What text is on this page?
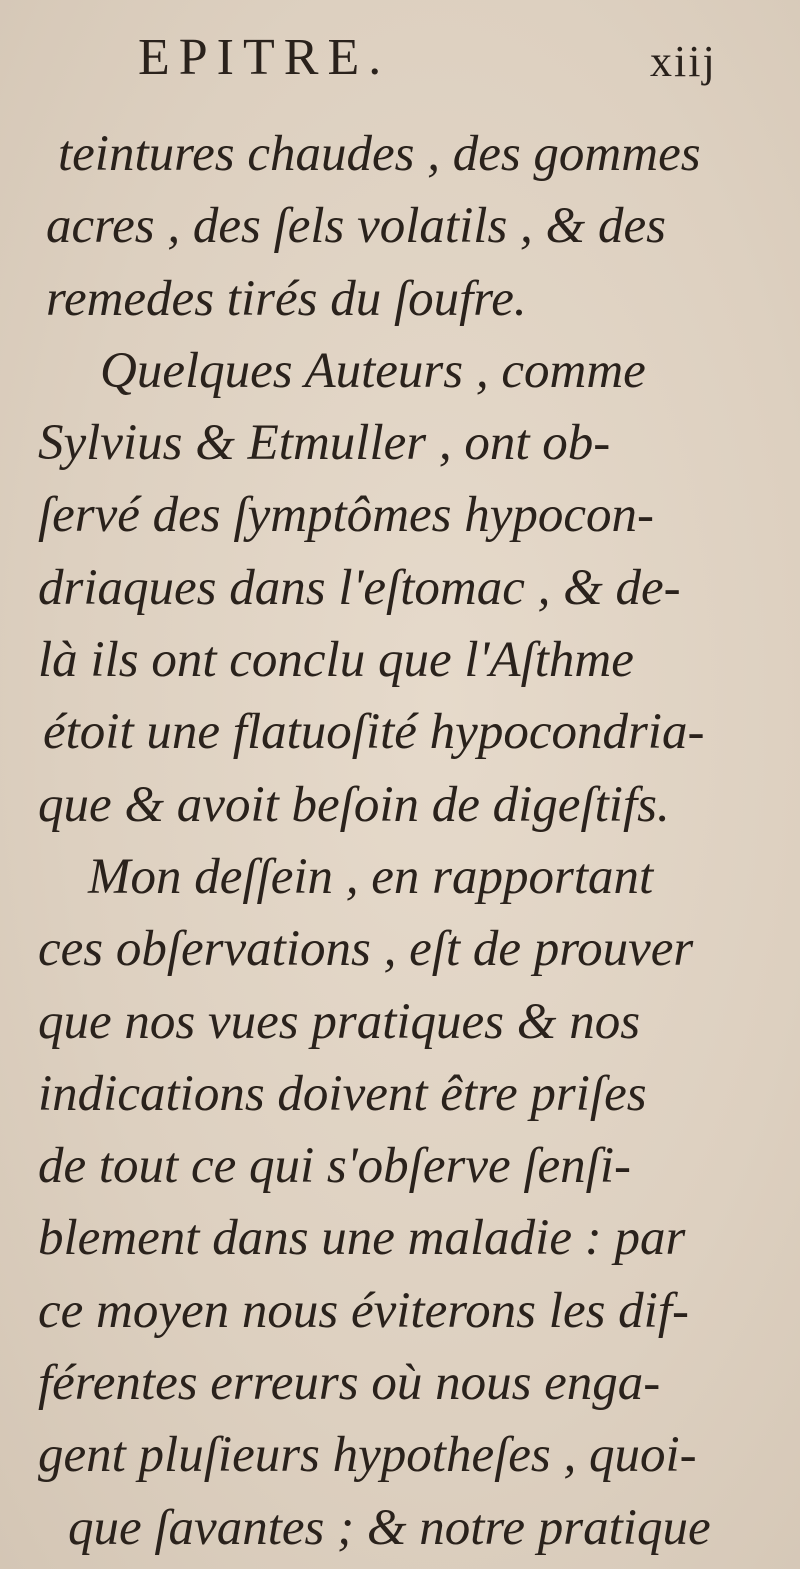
EPITRE.	xiij
teintures chaudes , des gommes
acres , des ſels volatils , & des
remedes tirés du ſoufre.
Quelques Auteurs , comme
Sylvius & Etmuller , ont ob-
ſervé des ſymptômes hypocon-
driaques dans l'eſtomac , & de-
là ils ont conclu que l'Aſthme
étoit une flatuoſité hypocondria-
que & avoit beſoin de digeſtifs.
Mon deſſein , en rapportant
ces obſervations , eſt de prouver
que nos vues pratiques & nos
indications doivent être priſes
de tout ce qui s'obſerve ſenſi-
blement dans une maladie : par
ce moyen nous éviterons les dif-
férentes erreurs où nous enga-
gent pluſieurs hypotheſes , quoi-
que ſavantes ; & notre pratique
